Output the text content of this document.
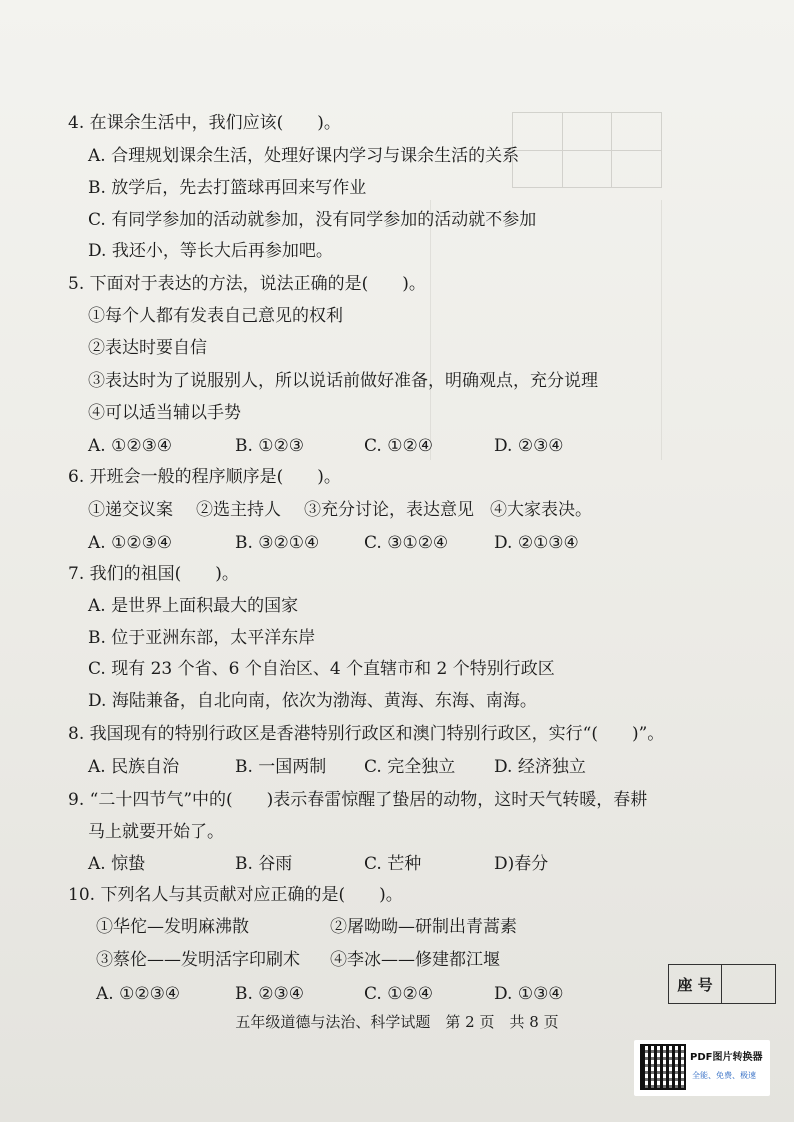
4. 在课余生活中，我们应该(　　)。
A. 合理规划课余生活，处理好课内学习与课余生活的关系
B. 放学后，先去打篮球再回来写作业
C. 有同学参加的活动就参加，没有同学参加的活动就不参加
D. 我还小，等长大后再参加吧。
5. 下面对于表达的方法，说法正确的是(　　)。
①每个人都有发表自己意见的权利
②表达时要自信
③表达时为了说服别人，所以说话前做好准备，明确观点，充分说理
④可以适当辅以手势
A. ①②③④	B. ①②③	C. ①②④	D. ②③④
6. 开班会一般的程序顺序是(　　)。
①递交议案 ②选主持人 ③充分讨论，表达意见 ④大家表决。
A. ①②③④	B. ③②①④	C. ③①②④	D. ②①③④
7. 我们的祖国(　　)。
A. 是世界上面积最大的国家
B. 位于亚洲东部，太平洋东岸
C. 现有 23 个省、6 个自治区、4 个直辖市和 2 个特别行政区
D. 海陆兼备，自北向南，依次为渤海、黄海、东海、南海。
8. 我国现有的特别行政区是香港特别行政区和澳门特别行政区，实行“(　　)”。
A. 民族自治	B. 一国两制 C. 完全独立 D. 经济独立
9. “二十四节气”中的(　　)表示春雷惊醒了蛰居的动物，这时天气转暖，春耕
马上就要开始了。
A. 惊蛰	B. 谷雨	C. 芒种	D)春分
10. 下列名人与其贡献对应正确的是(　　)。
①华佗—发明麻沸散	②屠呦呦—研制出青蒿素
③蔡伦——发明活字印刷术 ④李冰——修建都江堰
A. ①②③④	B. ②③④	C. ①②④	D. ①③④	座 号
五年级道德与法治、科学试题　第 2 页　共 8 页
PDF图片转换器
全能、免费、极速
